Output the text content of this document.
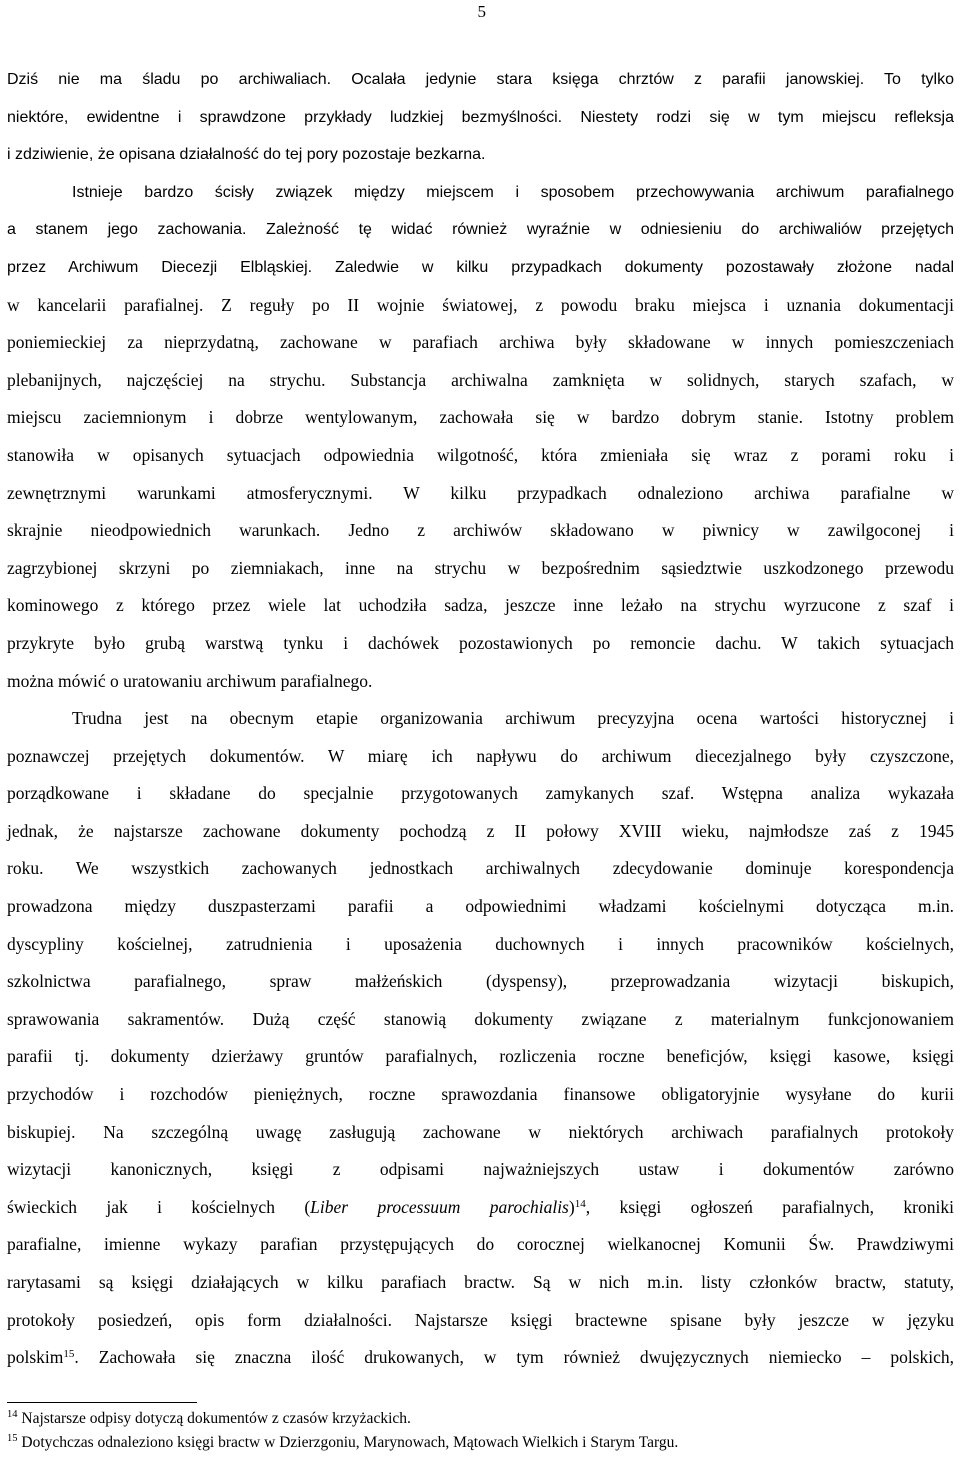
5
Dziś nie ma śladu po archiwaliach. Ocalała jedynie stara księga chrztów z parafii janowskiej. To tylko
niektóre, ewidentne i sprawdzone przykłady ludzkiej bezmyślności. Niestety rodzi się w tym miejscu refleksja
i zdziwienie, że opisana działalność do tej pory pozostaje bezkarna.
Istnieje bardzo ścisły związek między miejscem i sposobem przechowywania archiwum parafialnego
a stanem jego zachowania. Zależność tę widać również wyraźnie w odniesieniu do archiwaliów przejętych
przez Archiwum Diecezji Elbląskiej. Zaledwie w kilku przypadkach dokumenty pozostawały złożone nadal
w kancelarii parafialnej. Z reguły po II wojnie światowej, z powodu braku miejsca i uznania dokumentacji
poniemieckiej za nieprzydatną, zachowane w parafiach archiwa były składowane w innych pomieszczeniach
plebanijnych, najczęściej na strychu. Substancja archiwalna zamknięta w solidnych, starych szafach, w
miejscu zaciemnionym i dobrze wentylowanym, zachowała się w bardzo dobrym stanie. Istotny problem
stanowiła w opisanych sytuacjach odpowiednia wilgotność, która zmieniała się wraz z porami roku i
zewnętrznymi warunkami atmosferycznymi. W kilku przypadkach odnaleziono archiwa parafialne w
skrajnie nieodpowiednich warunkach. Jedno z archiwów składowano w piwnicy w zawilgoconej i
zagrzybionej skrzyni po ziemniakach, inne na strychu w bezpośrednim sąsiedztwie uszkodzonego przewodu
kominowego z którego przez wiele lat uchodziła sadza, jeszcze inne leżało na strychu wyrzucone z szaf i
przykryte było grubą warstwą tynku i dachówek pozostawionych po remoncie dachu. W takich sytuacjach
można mówić o uratowaniu archiwum parafialnego.
Trudna jest na obecnym etapie organizowania archiwum precyzyjna ocena wartości historycznej i
poznawczej przejętych dokumentów. W miarę ich napływu do archiwum diecezjalnego były czyszczone,
porządkowane i składane do specjalnie przygotowanych zamykanych szaf. Wstępna analiza wykazała
jednak, że najstarsze zachowane dokumenty pochodzą z II połowy XVIII wieku, najmłodsze zaś z 1945
roku. We wszystkich zachowanych jednostkach archiwalnych zdecydowanie dominuje korespondencja
prowadzona między duszpasterzami parafii a odpowiednimi władzami kościelnymi dotycząca m.in.
dyscypliny kościelnej, zatrudnienia i uposażenia duchownych i innych pracowników kościelnych,
szkolnictwa parafialnego, spraw małżeńskich (dyspensy), przeprowadzania wizytacji biskupich,
sprawowania sakramentów. Dużą część stanowią dokumenty związane z materialnym funkcjonowaniem
parafii tj. dokumenty dzierżawy gruntów parafialnych, rozliczenia roczne beneficjów, księgi kasowe, księgi
przychodów i rozchodów pieniężnych, roczne sprawozdania finansowe obligatoryjnie wysyłane do kurii
biskupiej. Na szczególną uwagę zasługują zachowane w niektórych archiwach parafialnych protokoły
wizytacji kanonicznych, księgi z odpisami najważniejszych ustaw i dokumentów zarówno
świeckich jak i kościelnych (Liber processuum parochialis)$^{14}$, księgi ogłoszeń parafialnych, kroniki
parafialne, imienne wykazy parafian przystępujących do corocznej wielkanocnej Komunii Św. Prawdziwymi
rarytasami są księgi działających w kilku parafiach bractw. Są w nich m.in. listy członków bractw, statuty,
protokoły posiedzeń, opis form działalności. Najstarsze księgi bractewne spisane były jeszcze w języku
polskim$^{15}$. Zachowała się znaczna ilość drukowanych, w tym również dwujęzycznych niemiecko – polskich,
$^{14}$ Najstarsze odpisy dotyczą dokumentów z czasów krzyżackich.
$^{15}$ Dotychczas odnaleziono księgi bractw w Dzierzgoniu, Marynowach, Mątowach Wielkich i Starym Targu.
